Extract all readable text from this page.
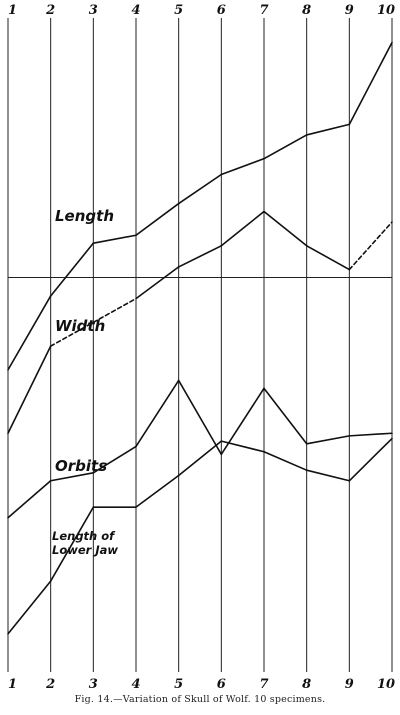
1 2	3	4	5	6	7	8	9 10
1 2	3	4	5	6	7	8	9 10
Length
Width
Orbits
Length of Lower Jaw
Fig. 14.—Variation of Skull of Wolf. 10 specimens.
